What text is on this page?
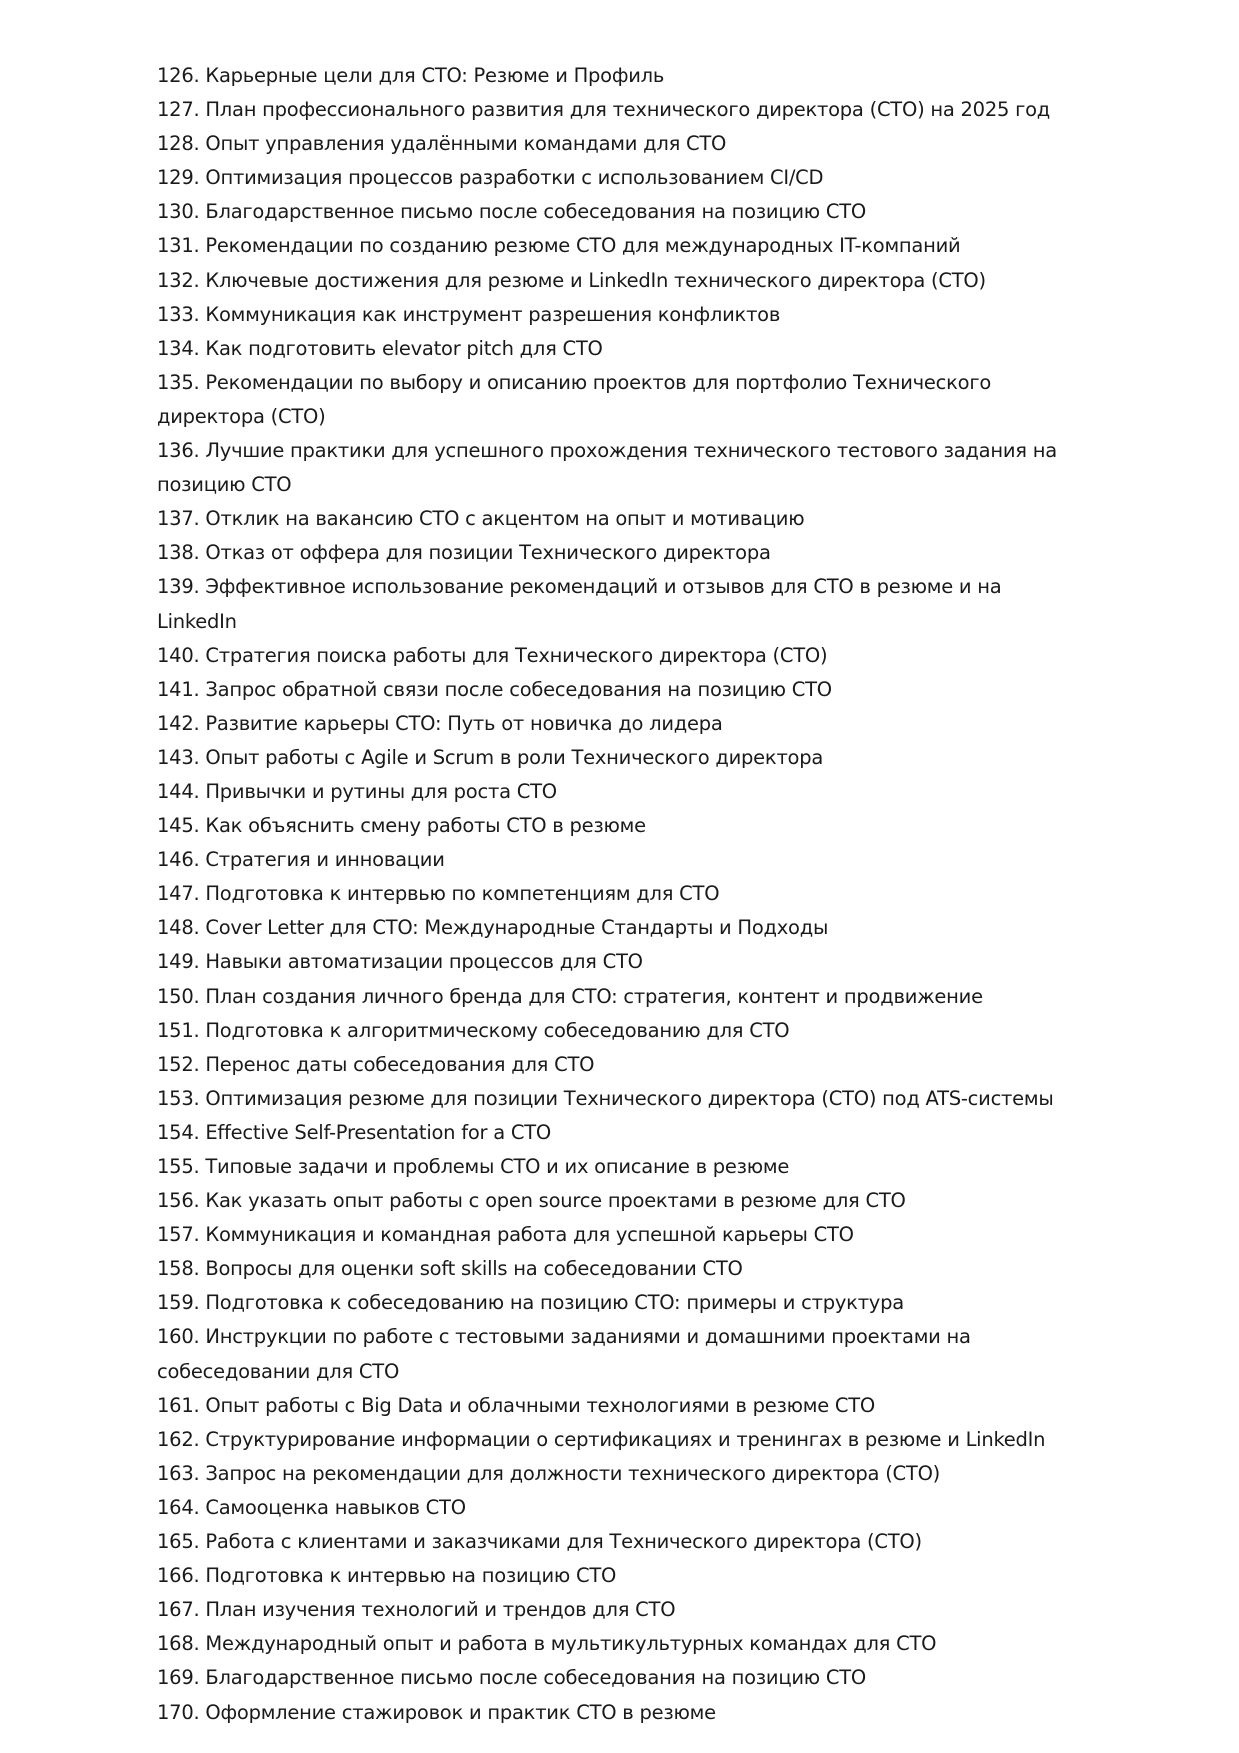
126. Карьерные цели для CTO: Резюме и Профиль
127. План профессионального развития для технического директора (CTO) на 2025 год
128. Опыт управления удалёнными командами для CTO
129. Оптимизация процессов разработки с использованием CI/CD
130. Благодарственное письмо после собеседования на позицию CTO
131. Рекомендации по созданию резюме CTO для международных IT-компаний
132. Ключевые достижения для резюме и LinkedIn технического директора (CTO)
133. Коммуникация как инструмент разрешения конфликтов
134. Как подготовить elevator pitch для CTO
135. Рекомендации по выбору и описанию проектов для портфолио Технического директора (CTO)
136. Лучшие практики для успешного прохождения технического тестового задания на позицию CTO
137. Отклик на вакансию CTO с акцентом на опыт и мотивацию
138. Отказ от оффера для позиции Технического директора
139. Эффективное использование рекомендаций и отзывов для CTO в резюме и на LinkedIn
140. Стратегия поиска работы для Технического директора (CTO)
141. Запрос обратной связи после собеседования на позицию CTO
142. Развитие карьеры CTO: Путь от новичка до лидера
143. Опыт работы с Agile и Scrum в роли Технического директора
144. Привычки и рутины для роста CTO
145. Как объяснить смену работы CTO в резюме
146. Стратегия и инновации
147. Подготовка к интервью по компетенциям для CTO
148. Cover Letter для CTO: Международные Стандарты и Подходы
149. Навыки автоматизации процессов для CTO
150. План создания личного бренда для CTO: стратегия, контент и продвижение
151. Подготовка к алгоритмическому собеседованию для CTO
152. Перенос даты собеседования для CTO
153. Оптимизация резюме для позиции Технического директора (CTO) под ATS-системы
154. Effective Self-Presentation for a CTO
155. Типовые задачи и проблемы CTO и их описание в резюме
156. Как указать опыт работы с open source проектами в резюме для CTO
157. Коммуникация и командная работа для успешной карьеры CTO
158. Вопросы для оценки soft skills на собеседовании CTO
159. Подготовка к собеседованию на позицию CTO: примеры и структура
160. Инструкции по работе с тестовыми заданиями и домашними проектами на собеседовании для CTO
161. Опыт работы с Big Data и облачными технологиями в резюме CTO
162. Структурирование информации о сертификациях и тренингах в резюме и LinkedIn
163. Запрос на рекомендации для должности технического директора (CTO)
164. Самооценка навыков CTO
165. Работа с клиентами и заказчиками для Технического директора (CTO)
166. Подготовка к интервью на позицию CTO
167. План изучения технологий и трендов для CTO
168. Международный опыт и работа в мультикультурных командах для CTO
169. Благодарственное письмо после собеседования на позицию CTO
170. Оформление стажировок и практик CTO в резюме
